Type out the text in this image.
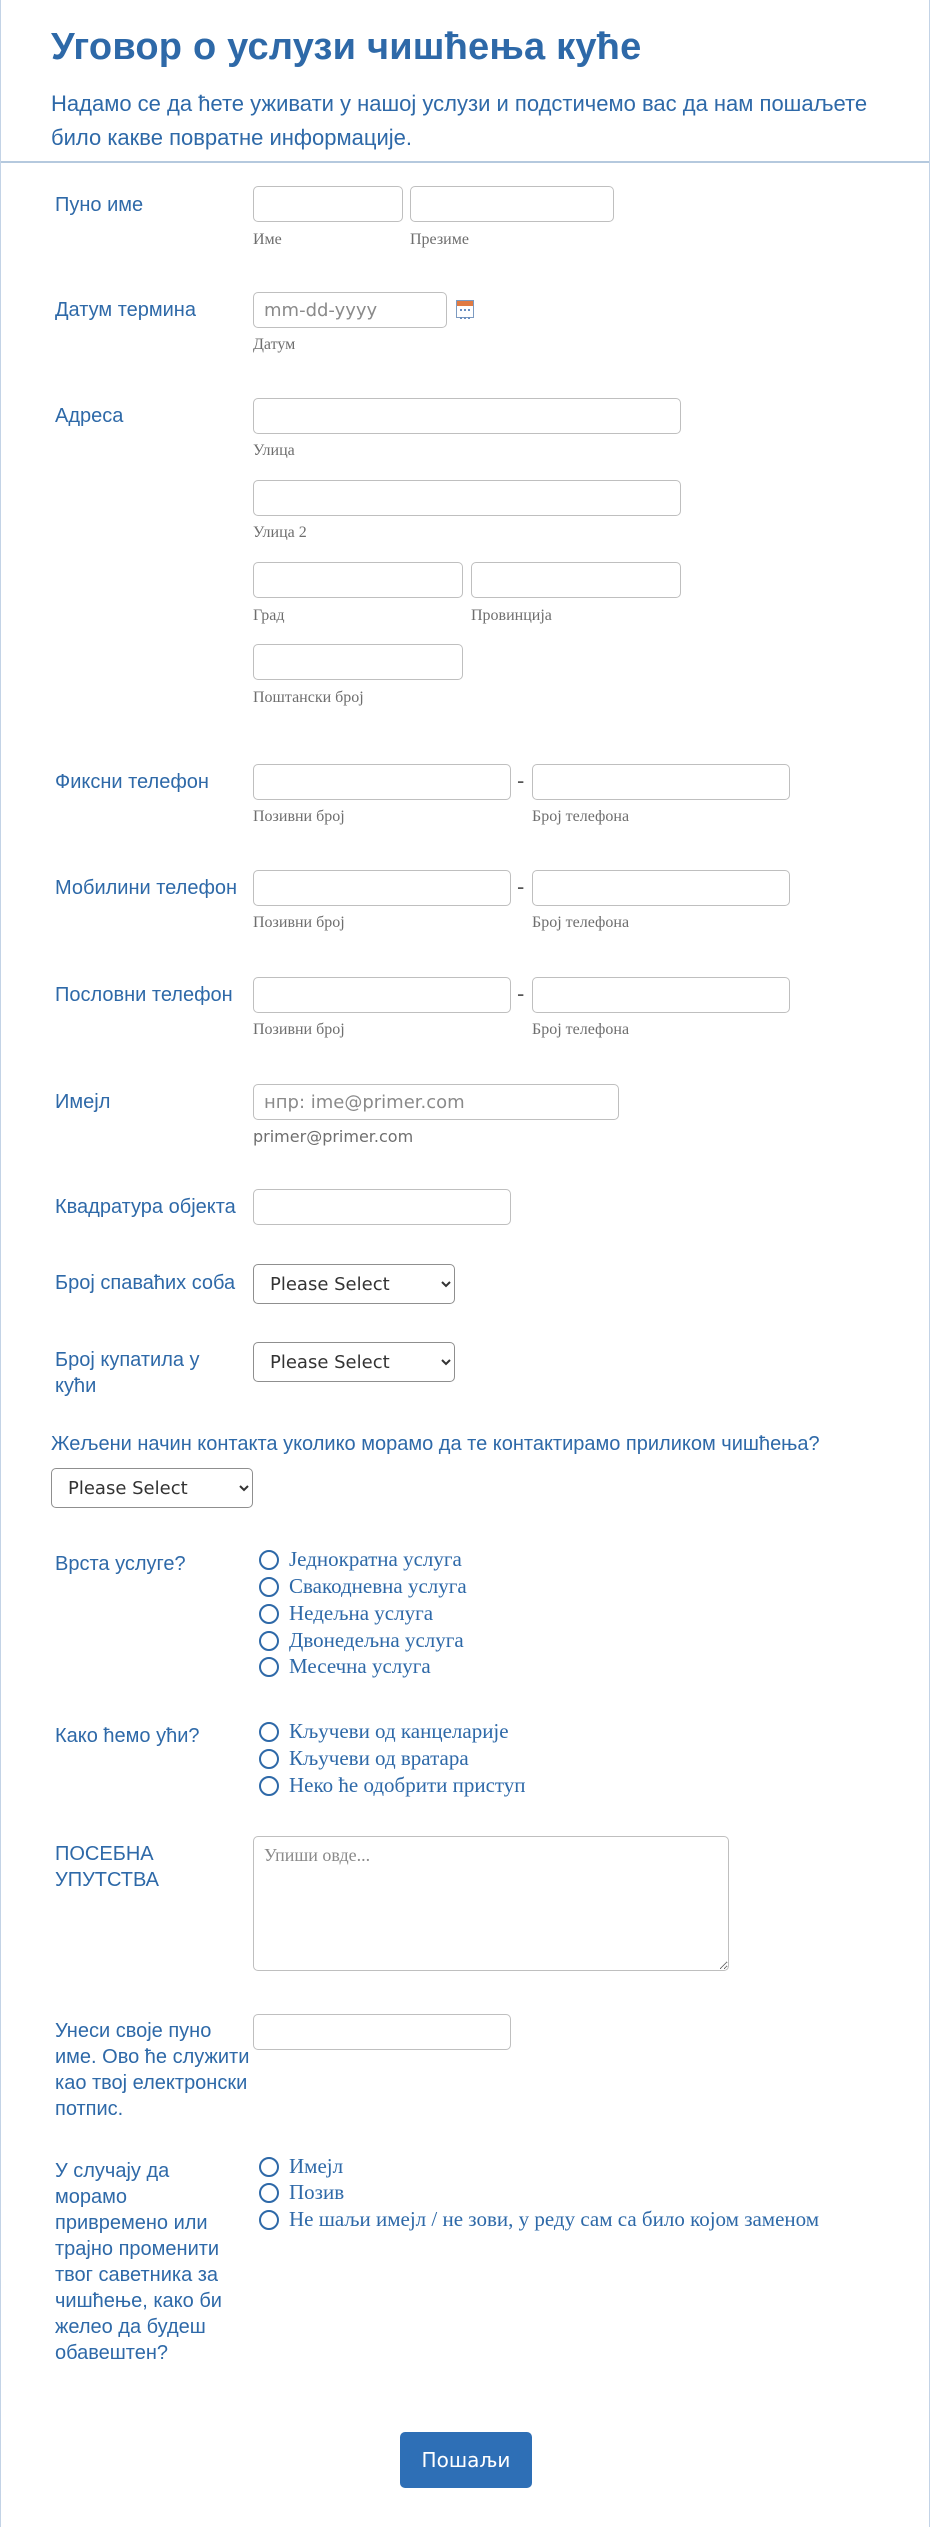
Уговор о услузи чишћења куће

Надамо се да ћете уживати у нашој услузи и подстичемо вас да нам пошаљете било какве повратне информације.

Пуно име
Име	Презиме
Датум термина
mm-dd-yyyy
Датум
Адреса
Улица
Улица 2
Град	Провинција
Поштански број
Фиксни телефон	-
Позивни број	Број телефона
Мобилини телефон	-
Позивни број	Број телефона
Пословни телефон	-
Позивни број	Број телефона
Имејл
нпр: ime@primer.com
primer@primer.com
Квадратура објекта
Број спаваћих соба
Please Select
Број купатила у кући
Please Select
Жељени начин контакта уколико морамо да те контактирамо приликом чишћења?
Please Select
Врста услуге?	Једнократна услуга
Свакодневна услуга
Недељна услуга
Двонедељна услуга
Месечна услуга
Како ћемо ући?	Кључеви од канцеларије
Кључеви од вратара
Неко ће одобрити приступ
ПОСЕБНА УПУТСТВА
Упиши овде...
Унеси своје пуно име. Ово ће служити као твој електронски потпис.
У случају да морамо привремено или трајно променити твог саветника за чишћење, како би желео да будеш обавештен?
Имејл
Позив
Не шаљи имејл / не зови, у реду сам са било којом заменом
Пошаљи
